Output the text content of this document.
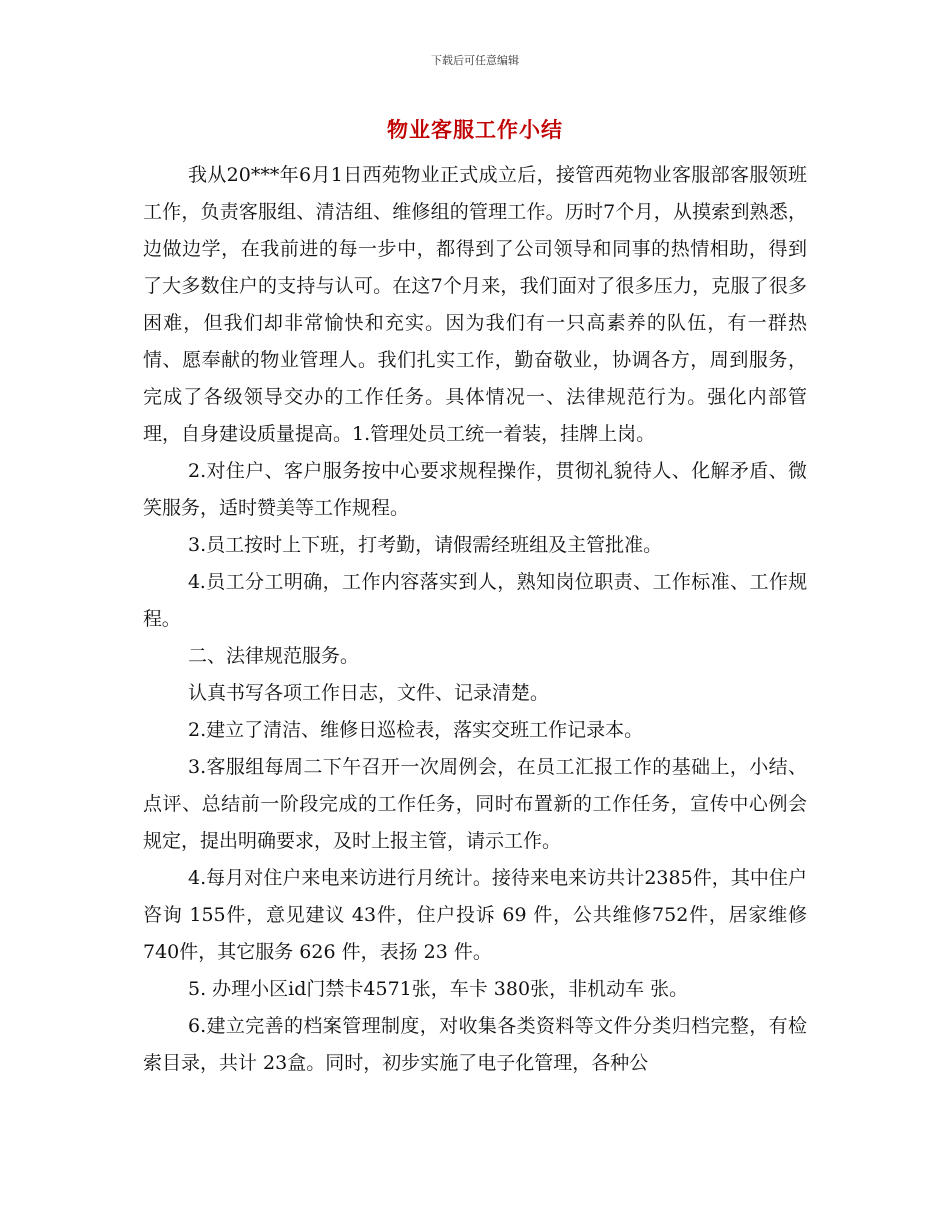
下载后可任意编辑
物业客服工作小结

我从20***年6月1日西苑物业正式成立后，接管西苑物业客服部客服领班工作，负责客服组、清洁组、维修组的管理工作。历时7个月，从摸索到熟悉，边做边学，在我前进的每一步中，都得到了公司领导和同事的热情相助，得到了大多数住户的支持与认可。在这7个月来，我们面对了很多压力，克服了很多困难，但我们却非常愉快和充实。因为我们有一只高素养的队伍，有一群热情、愿奉献的物业管理人。我们扎实工作，勤奋敬业，协调各方，周到服务，完成了各级领导交办的工作任务。具体情况一、法律规范行为。强化内部管理，自身建设质量提高。1.管理处员工统一着装，挂牌上岗。

2.对住户、客户服务按中心要求规程操作，贯彻礼貌待人、化解矛盾、微笑服务，适时赞美等工作规程。

3.员工按时上下班，打考勤，请假需经班组及主管批准。

4.员工分工明确，工作内容落实到人，熟知岗位职责、工作标准、工作规程。

二、法律规范服务。

认真书写各项工作日志，文件、记录清楚。

2.建立了清洁、维修日巡检表，落实交班工作记录本。

3.客服组每周二下午召开一次周例会，在员工汇报工作的基础上，小结、点评、总结前一阶段完成的工作任务，同时布置新的工作任务，宣传中心例会规定，提出明确要求，及时上报主管，请示工作。

4.每月对住户来电来访进行月统计。接待来电来访共计2385件，其中住户咨询 155件，意见建议 43件，住户投诉 69 件，公共维修752件，居家维修 740件，其它服务 626 件，表扬 23 件。

5. 办理小区id门禁卡4571张，车卡 380张，非机动车 张。

6.建立完善的档案管理制度，对收集各类资料等文件分类归档完整，有检索目录，共计 23盒。同时，初步实施了电子化管理，各种公
